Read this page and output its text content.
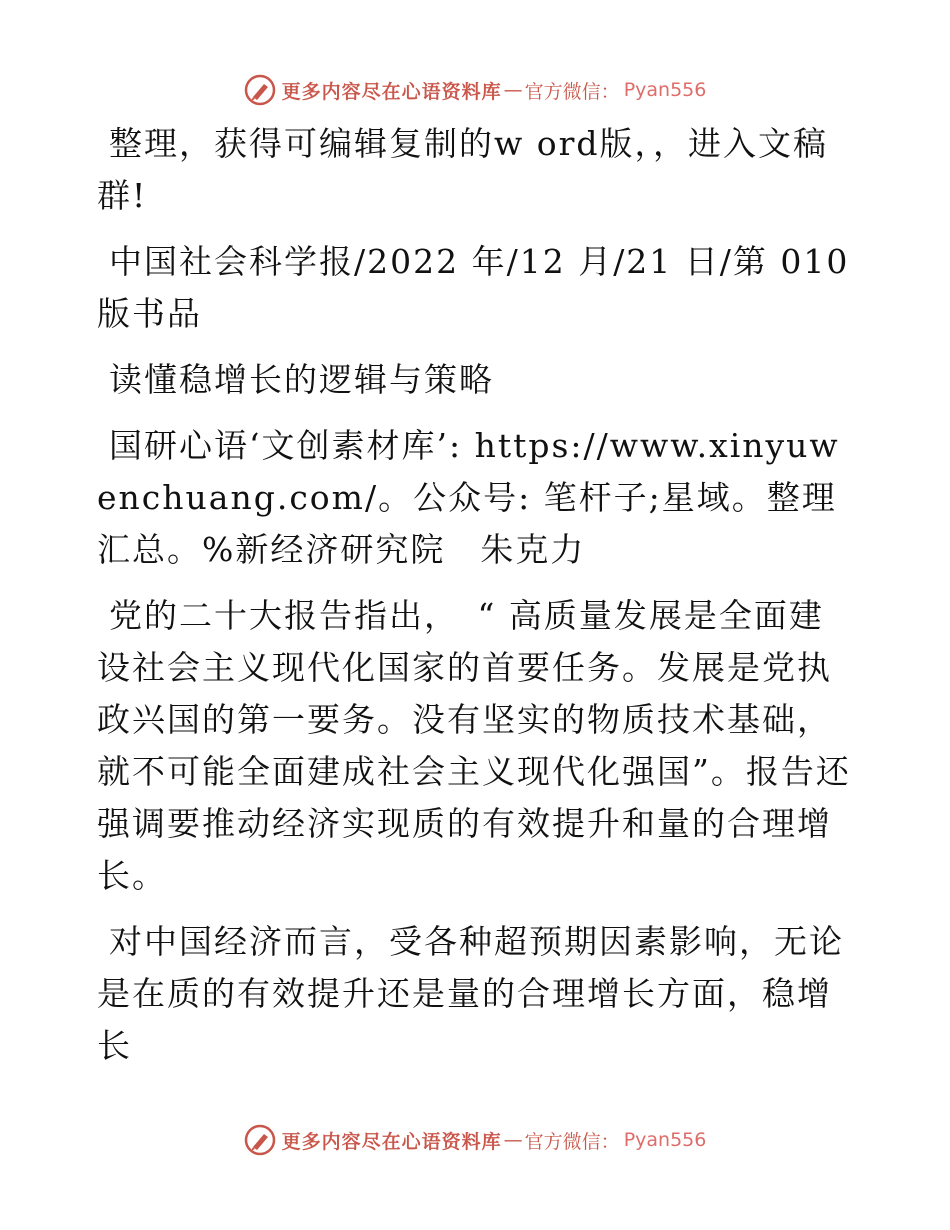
更多内容尽在心语资料库 — 官方微信： Pyan556

整理，获得可编辑复制的w ord版，，进入文稿群!

中国社会科学报/2022 年/12 月/21 日/第 010 版书品

读懂稳增长的逻辑与策略

国研心语‘文创素材库’: https://www.xinyuwenchuang.com/。公众号: 笔杆子;星域。整理汇总。%新经济研究院　朱克力

党的二十大报告指出，　“ 高质量发展是全面建设社会主义现代化国家的首要任务。发展是党执政兴国的第一要务。没有坚实的物质技术基础，就不可能全面建成社会主义现代化强国”。报告还强调要推动经济实现质的有效提升和量的合理增长。

对中国经济而言，受各种超预期因素影响，无论是在质的有效提升还是量的合理增长方面，稳增长

更多内容尽在心语资料库 — 官方微信： Pyan556
